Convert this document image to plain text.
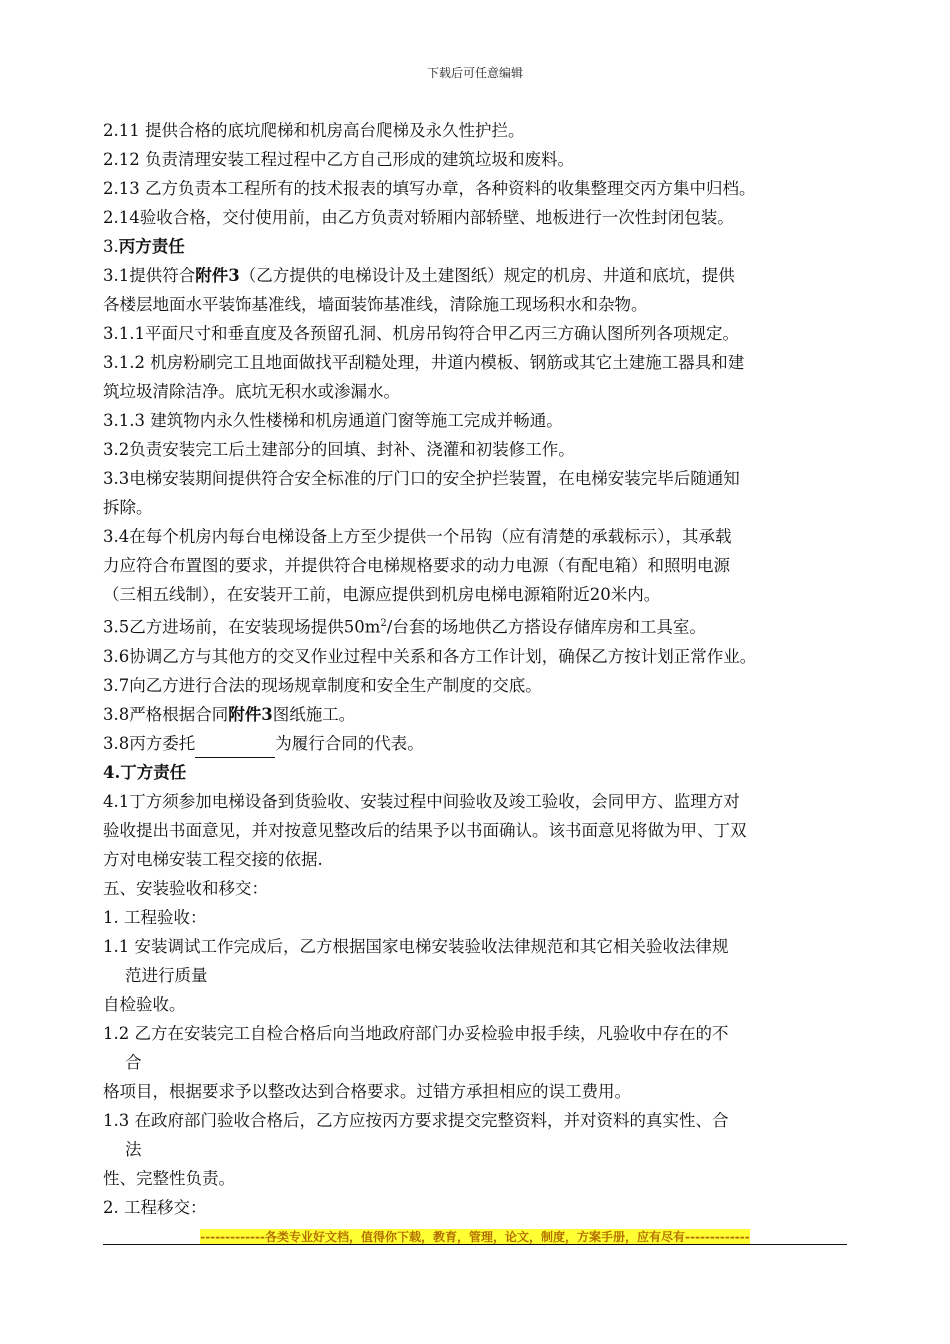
下载后可任意编辑
2.11 提供合格的底坑爬梯和机房高台爬梯及永久性护拦。
2.12 负责清理安装工程过程中乙方自己形成的建筑垃圾和废料。
2.13 乙方负责本工程所有的技术报表的填写办章，各种资料的收集整理交丙方集中归档。
2.14验收合格，交付使用前，由乙方负责对轿厢内部轿壁、地板进行一次性封闭包装。
3.丙方责任
3.1提供符合附件3（乙方提供的电梯设计及土建图纸）规定的机房、井道和底坑，提供
各楼层地面水平装饰基准线，墙面装饰基准线，清除施工现场积水和杂物。
3.1.1平面尺寸和垂直度及各预留孔洞、机房吊钩符合甲乙丙三方确认图所列各项规定。
3.1.2 机房粉刷完工且地面做找平刮糙处理，井道内模板、钢筋或其它土建施工器具和建
筑垃圾清除洁净。底坑无积水或渗漏水。
3.1.3 建筑物内永久性楼梯和机房通道门窗等施工完成并畅通。
3.2负责安装完工后土建部分的回填、封补、浇灌和初装修工作。
3.3电梯安装期间提供符合安全标准的厅门口的安全护拦装置，在电梯安装完毕后随通知
拆除。
3.4在每个机房内每台电梯设备上方至少提供一个吊钩（应有清楚的承载标示），其承载
力应符合布置图的要求，并提供符合电梯规格要求的动力电源（有配电箱）和照明电源
（三相五线制），在安装开工前，电源应提供到机房电梯电源箱附近20米内。
3.5乙方进场前，在安装现场提供$50m^2/$台套的场地供乙方搭设存储库房和工具室。
3.6协调乙方与其他方的交叉作业过程中关系和各方工作计划，确保乙方按计划正常作业。
3.7向乙方进行合法的现场规章制度和安全生产制度的交底。
3.8严格根据合同附件3图纸施工。
3.8丙方委托	为履行合同的代表。
4.丁方责任
4.1丁方须参加电梯设备到货验收、安装过程中间验收及竣工验收，会同甲方、监理方对
验收提出书面意见，并对按意见整改后的结果予以书面确认。该书面意见将做为甲、丁双
方对电梯安装工程交接的依据.
五、安装验收和移交：
1. 工程验收：
1.1 安装调试工作完成后，乙方根据国家电梯安装验收法律规范和其它相关验收法律规
范进行质量
自检验收。
1.2 乙方在安装完工自检合格后向当地政府部门办妥检验申报手续，凡验收中存在的不
合
格项目，根据要求予以整改达到合格要求。过错方承担相应的误工费用。
1.3 在政府部门验收合格后，乙方应按丙方要求提交完整资料，并对资料的真实性、合
法
性、完整性负责。
2. 工程移交：
-------------各类专业好文档，值得你下载，教育，管理，论文，制度，方案手册，应有尽有-------------
